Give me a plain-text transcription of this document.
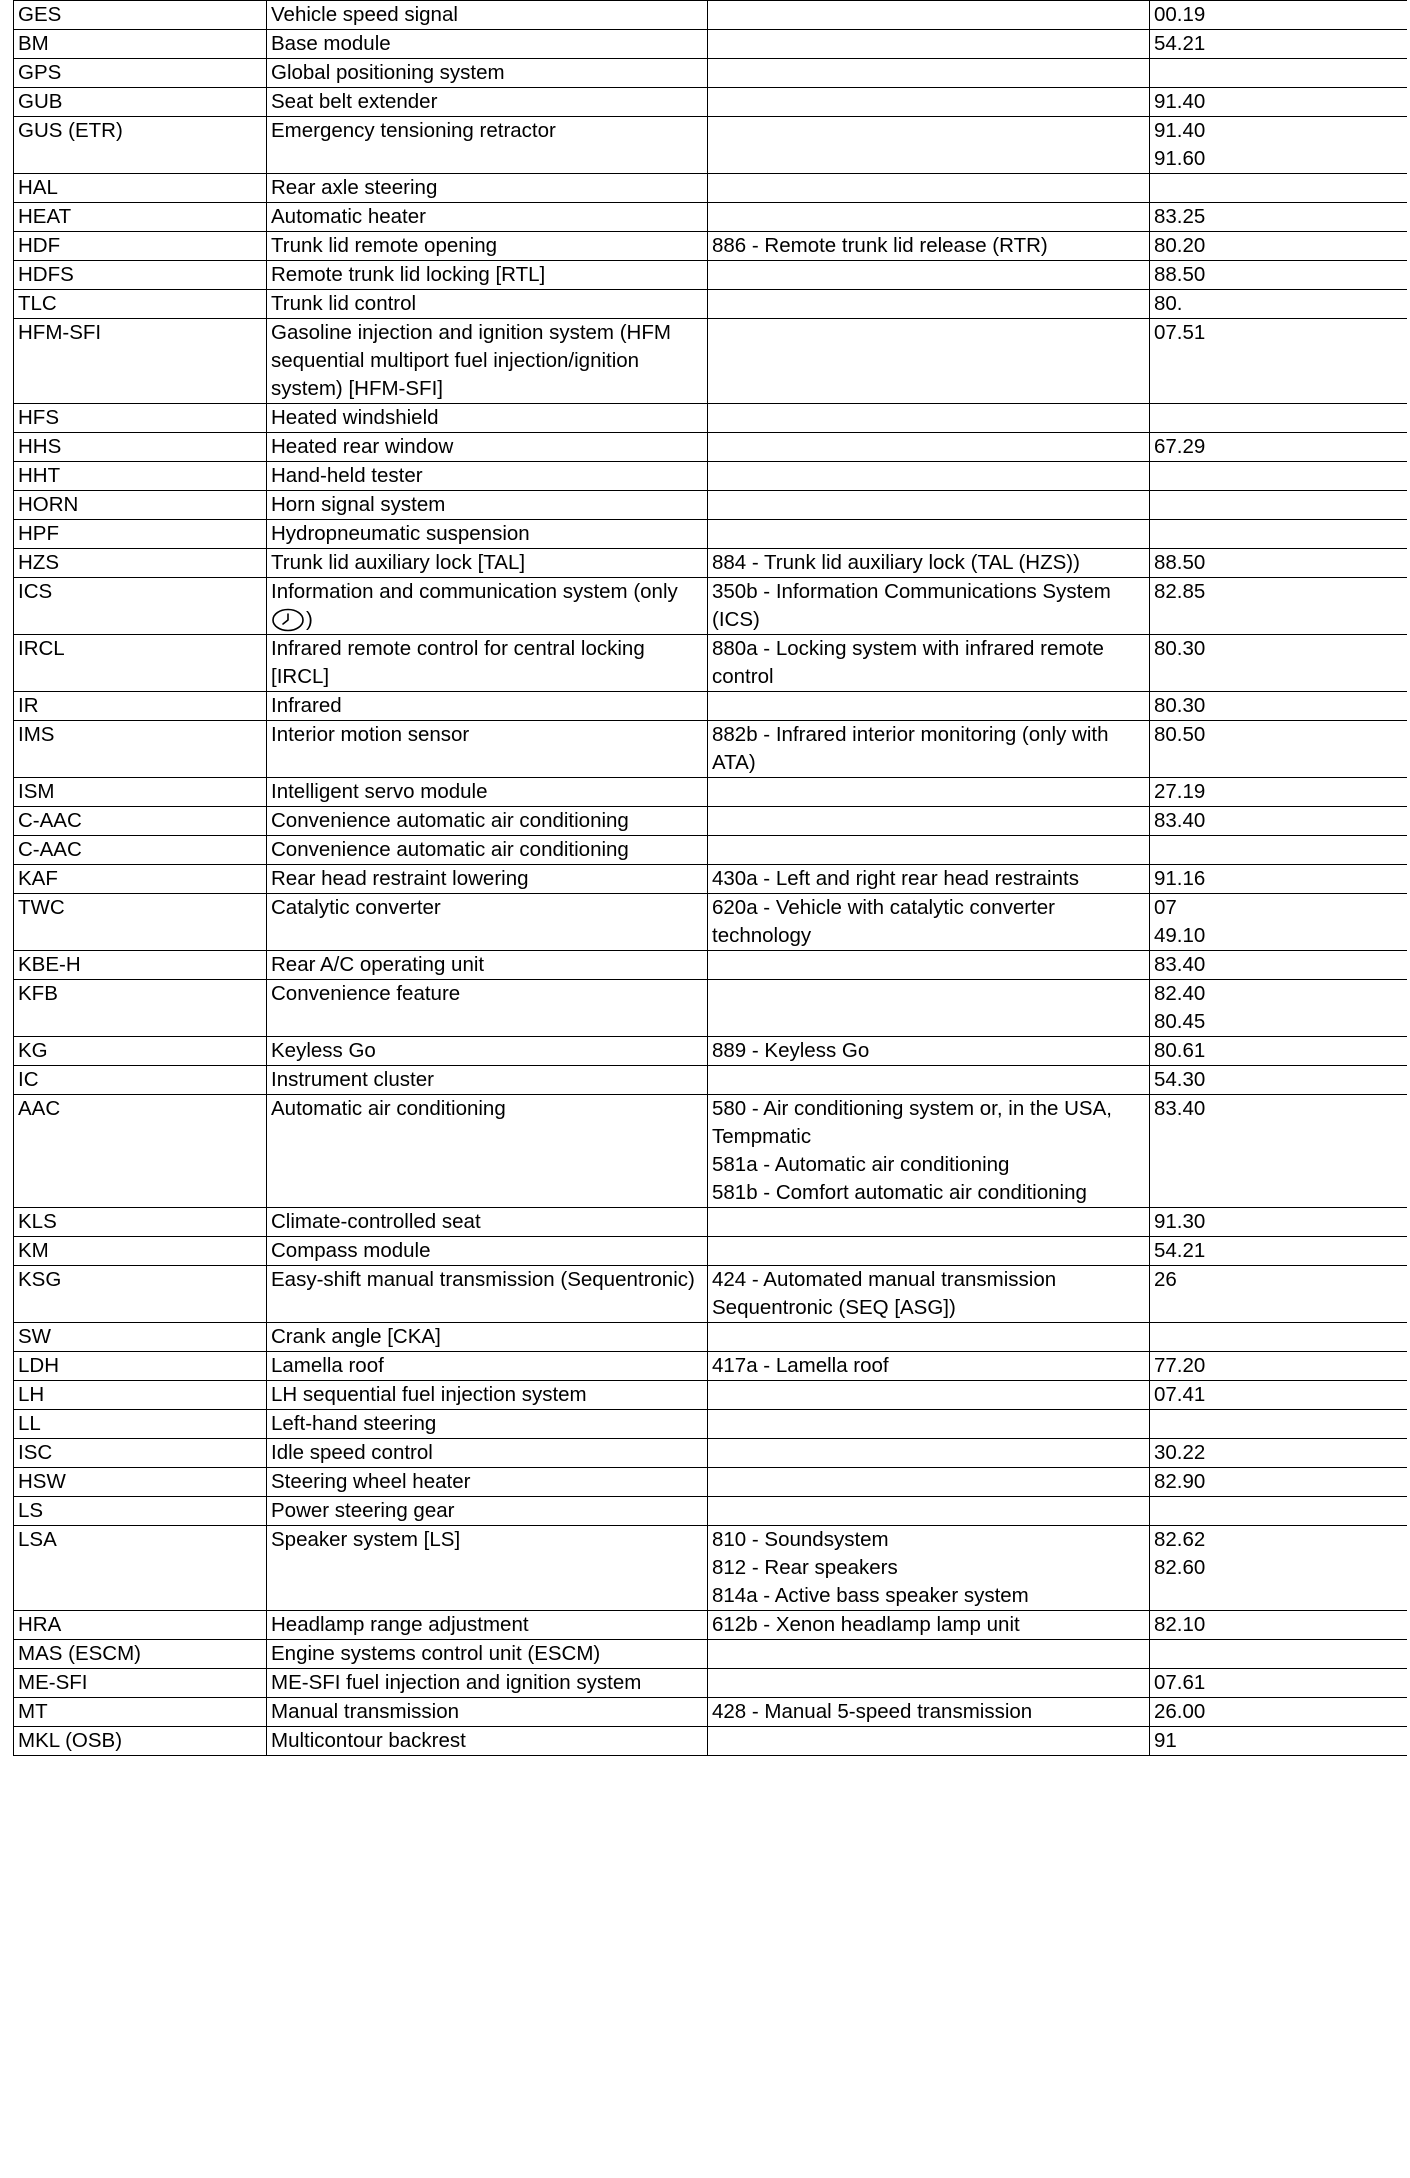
GES	Vehicle speed signal		00.19

BM	Base module		54.21

GPS	Global positioning system		

GUB	Seat belt extender		91.40

GUS (ETR)	Emergency tensioning retractor		91.40
91.60

HAL	Rear axle steering		

HEAT	Automatic heater		83.25

HDF	Trunk lid remote opening	886 - Remote trunk lid release (RTR)	80.20

HDFS	Remote trunk lid locking [RTL]		88.50

TLC	Trunk lid control		80.

HFM-SFI	Gasoline injection and ignition system (HFM sequential multiport fuel injection/ignition system) [HFM-SFI]		07.51

HFS	Heated windshield		

HHS	Heated rear window		67.29

HHT	Hand-held tester		

HORN	Horn signal system		

HPF	Hydropneumatic suspension		

HZS	Trunk lid auxiliary lock [TAL]	884 - Trunk lid auxiliary lock (TAL (HZS))	88.50

ICS	Information and communication system (only )	350b - Information Communications System (ICS)	82.85

IRCL	Infrared remote control for central locking [IRCL]	880a - Locking system with infrared remote control	80.30

IR	Infrared		80.30

IMS	Interior motion sensor	882b - Infrared interior monitoring (only with ATA)	80.50

ISM	Intelligent servo module		27.19

C-AAC	Convenience automatic air conditioning		83.40

C-AAC	Convenience automatic air conditioning		

KAF	Rear head restraint lowering	430a - Left and right rear head restraints	91.16

TWC	Catalytic converter	620a - Vehicle with catalytic converter technology	07
49.10

KBE-H	Rear A/C operating unit		83.40

KFB	Convenience feature		82.40
80.45

KG	Keyless Go	889 - Keyless Go	80.61

IC	Instrument cluster		54.30

AAC	Automatic air conditioning	580 - Air conditioning system or, in the USA, Tempmatic
581a - Automatic air conditioning
581b - Comfort automatic air conditioning	83.40

KLS	Climate-controlled seat		91.30

KM	Compass module		54.21

KSG	Easy-shift manual transmission (Sequentronic)	424 - Automated manual transmission Sequentronic (SEQ [ASG])	26

SW	Crank angle [CKA]		

LDH	Lamella roof	417a - Lamella roof	77.20

LH	LH sequential fuel injection system		07.41

LL	Left-hand steering		

ISC	Idle speed control		30.22

HSW	Steering wheel heater		82.90

LS	Power steering gear		

LSA	Speaker system [LS]	810 - Soundsystem
812 - Rear speakers
814a - Active bass speaker system	82.62
82.60

HRA	Headlamp range adjustment	612b - Xenon headlamp lamp unit	82.10

MAS (ESCM)	Engine systems control unit (ESCM)		

ME-SFI	ME-SFI fuel injection and ignition system		07.61

MT	Manual transmission	428 - Manual 5-speed transmission	26.00

MKL (OSB)	Multicontour backrest		91
